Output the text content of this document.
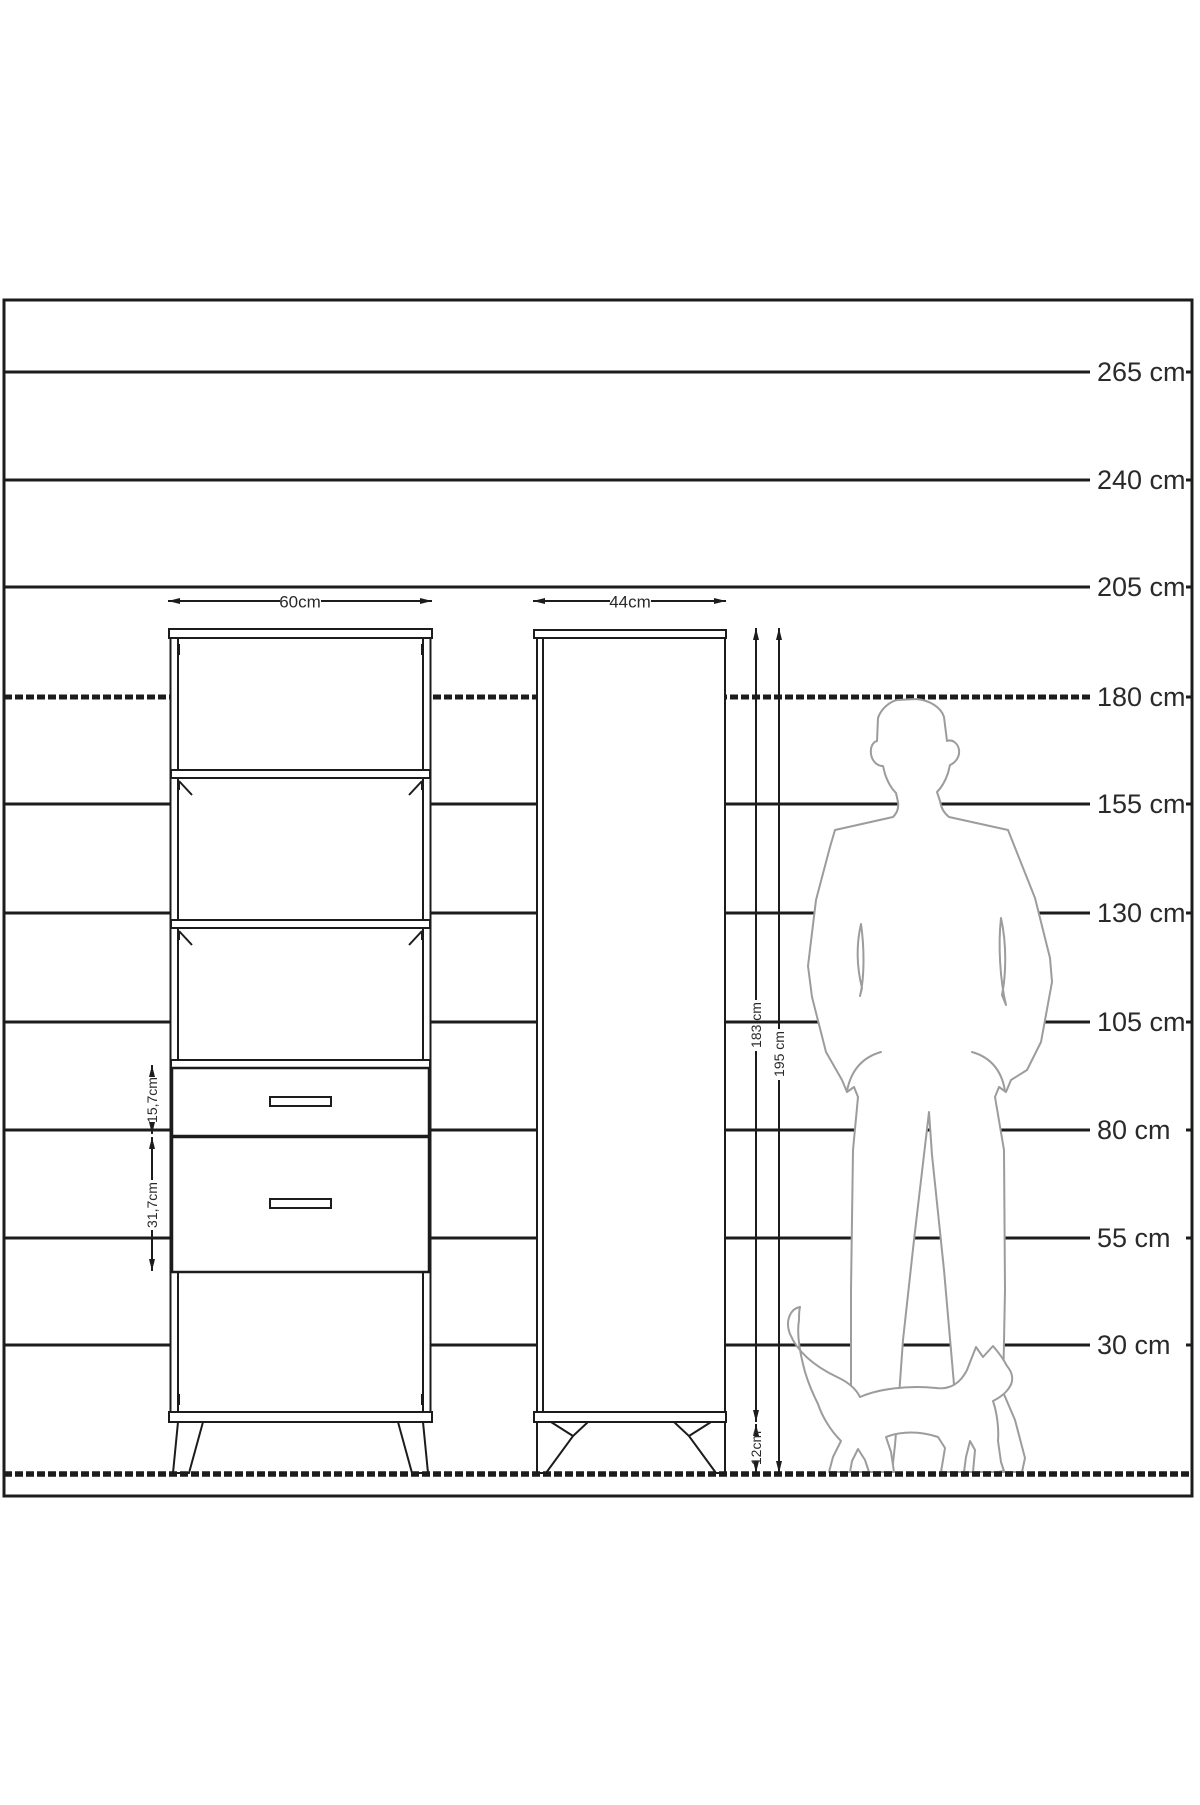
265 cm
240 cm
205 cm
180 cm
155 cm
130 cm
105 cm
80 cm
55 cm
30 cm
60cm	44cm
183 cm
195 cm
12cm
15,7cm
31,7cm
